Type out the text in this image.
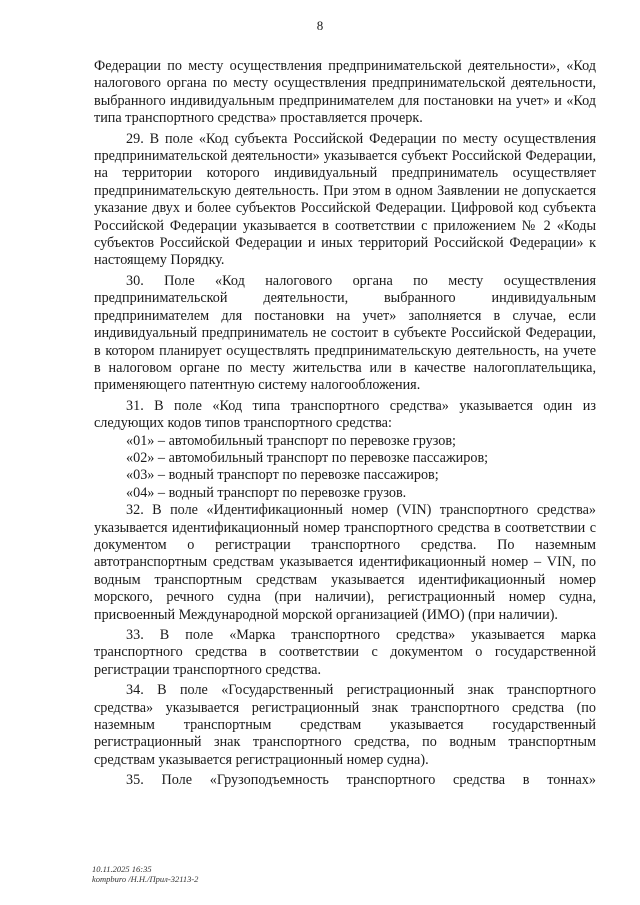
8

Федерации по месту осуществления предпринимательской деятельности», «Код налогового органа по месту осуществления предпринимательской деятельности, выбранного индивидуальным предпринимателем для постановки на учет» и «Код типа транспортного средства» проставляется прочерк.

29. В поле «Код субъекта Российской Федерации по месту осуществления предпринимательской деятельности» указывается субъект Российской Федерации, на территории которого индивидуальный предприниматель осуществляет предпринимательскую деятельность. При этом в одном Заявлении не допускается указание двух и более субъектов Российской Федерации. Цифровой код субъекта Российской Федерации указывается в соответствии с приложением № 2 «Коды субъектов Российской Федерации и иных территорий Российской Федерации» к настоящему Порядку.

30. Поле «Код налогового органа по месту осуществления предпринимательской деятельности, выбранного индивидуальным предпринимателем для постановки на учет» заполняется в случае, если индивидуальный предприниматель не состоит в субъекте Российской Федерации, в котором планирует осуществлять предпринимательскую деятельность, на учете в налоговом органе по месту жительства или в качестве налогоплательщика, применяющего патентную систему налогообложения.

31. В поле «Код типа транспортного средства» указывается один из следующих кодов типов транспортного средства:

«01» – автомобильный транспорт по перевозке грузов;

«02» – автомобильный транспорт по перевозке пассажиров;

«03» – водный транспорт по перевозке пассажиров;

«04» – водный транспорт по перевозке грузов.

32. В поле «Идентификационный номер (VIN) транспортного средства» указывается идентификационный номер транспортного средства в соответствии с документом о регистрации транспортного средства. По наземным автотранспортным средствам указывается идентификационный номер – VIN, по водным транспортным средствам указывается идентификационный номер морского, речного судна (при наличии), регистрационный номер судна, присвоенный Международной морской организацией (ИМО) (при наличии).

33. В поле «Марка транспортного средства» указывается марка транспортного средства в соответствии с документом о государственной регистрации транспортного средства.

34. В поле «Государственный регистрационный знак транспортного средства» указывается регистрационный знак транспортного средства (по наземным транспортным средствам указывается государственный регистрационный знак транспортного средства, по водным транспортным средствам указывается регистрационный номер судна).

35. Поле «Грузоподъемность транспортного средства в тоннах»

10.11.2025 16:35
kompburo /Н.Н./Прил-32113-2
